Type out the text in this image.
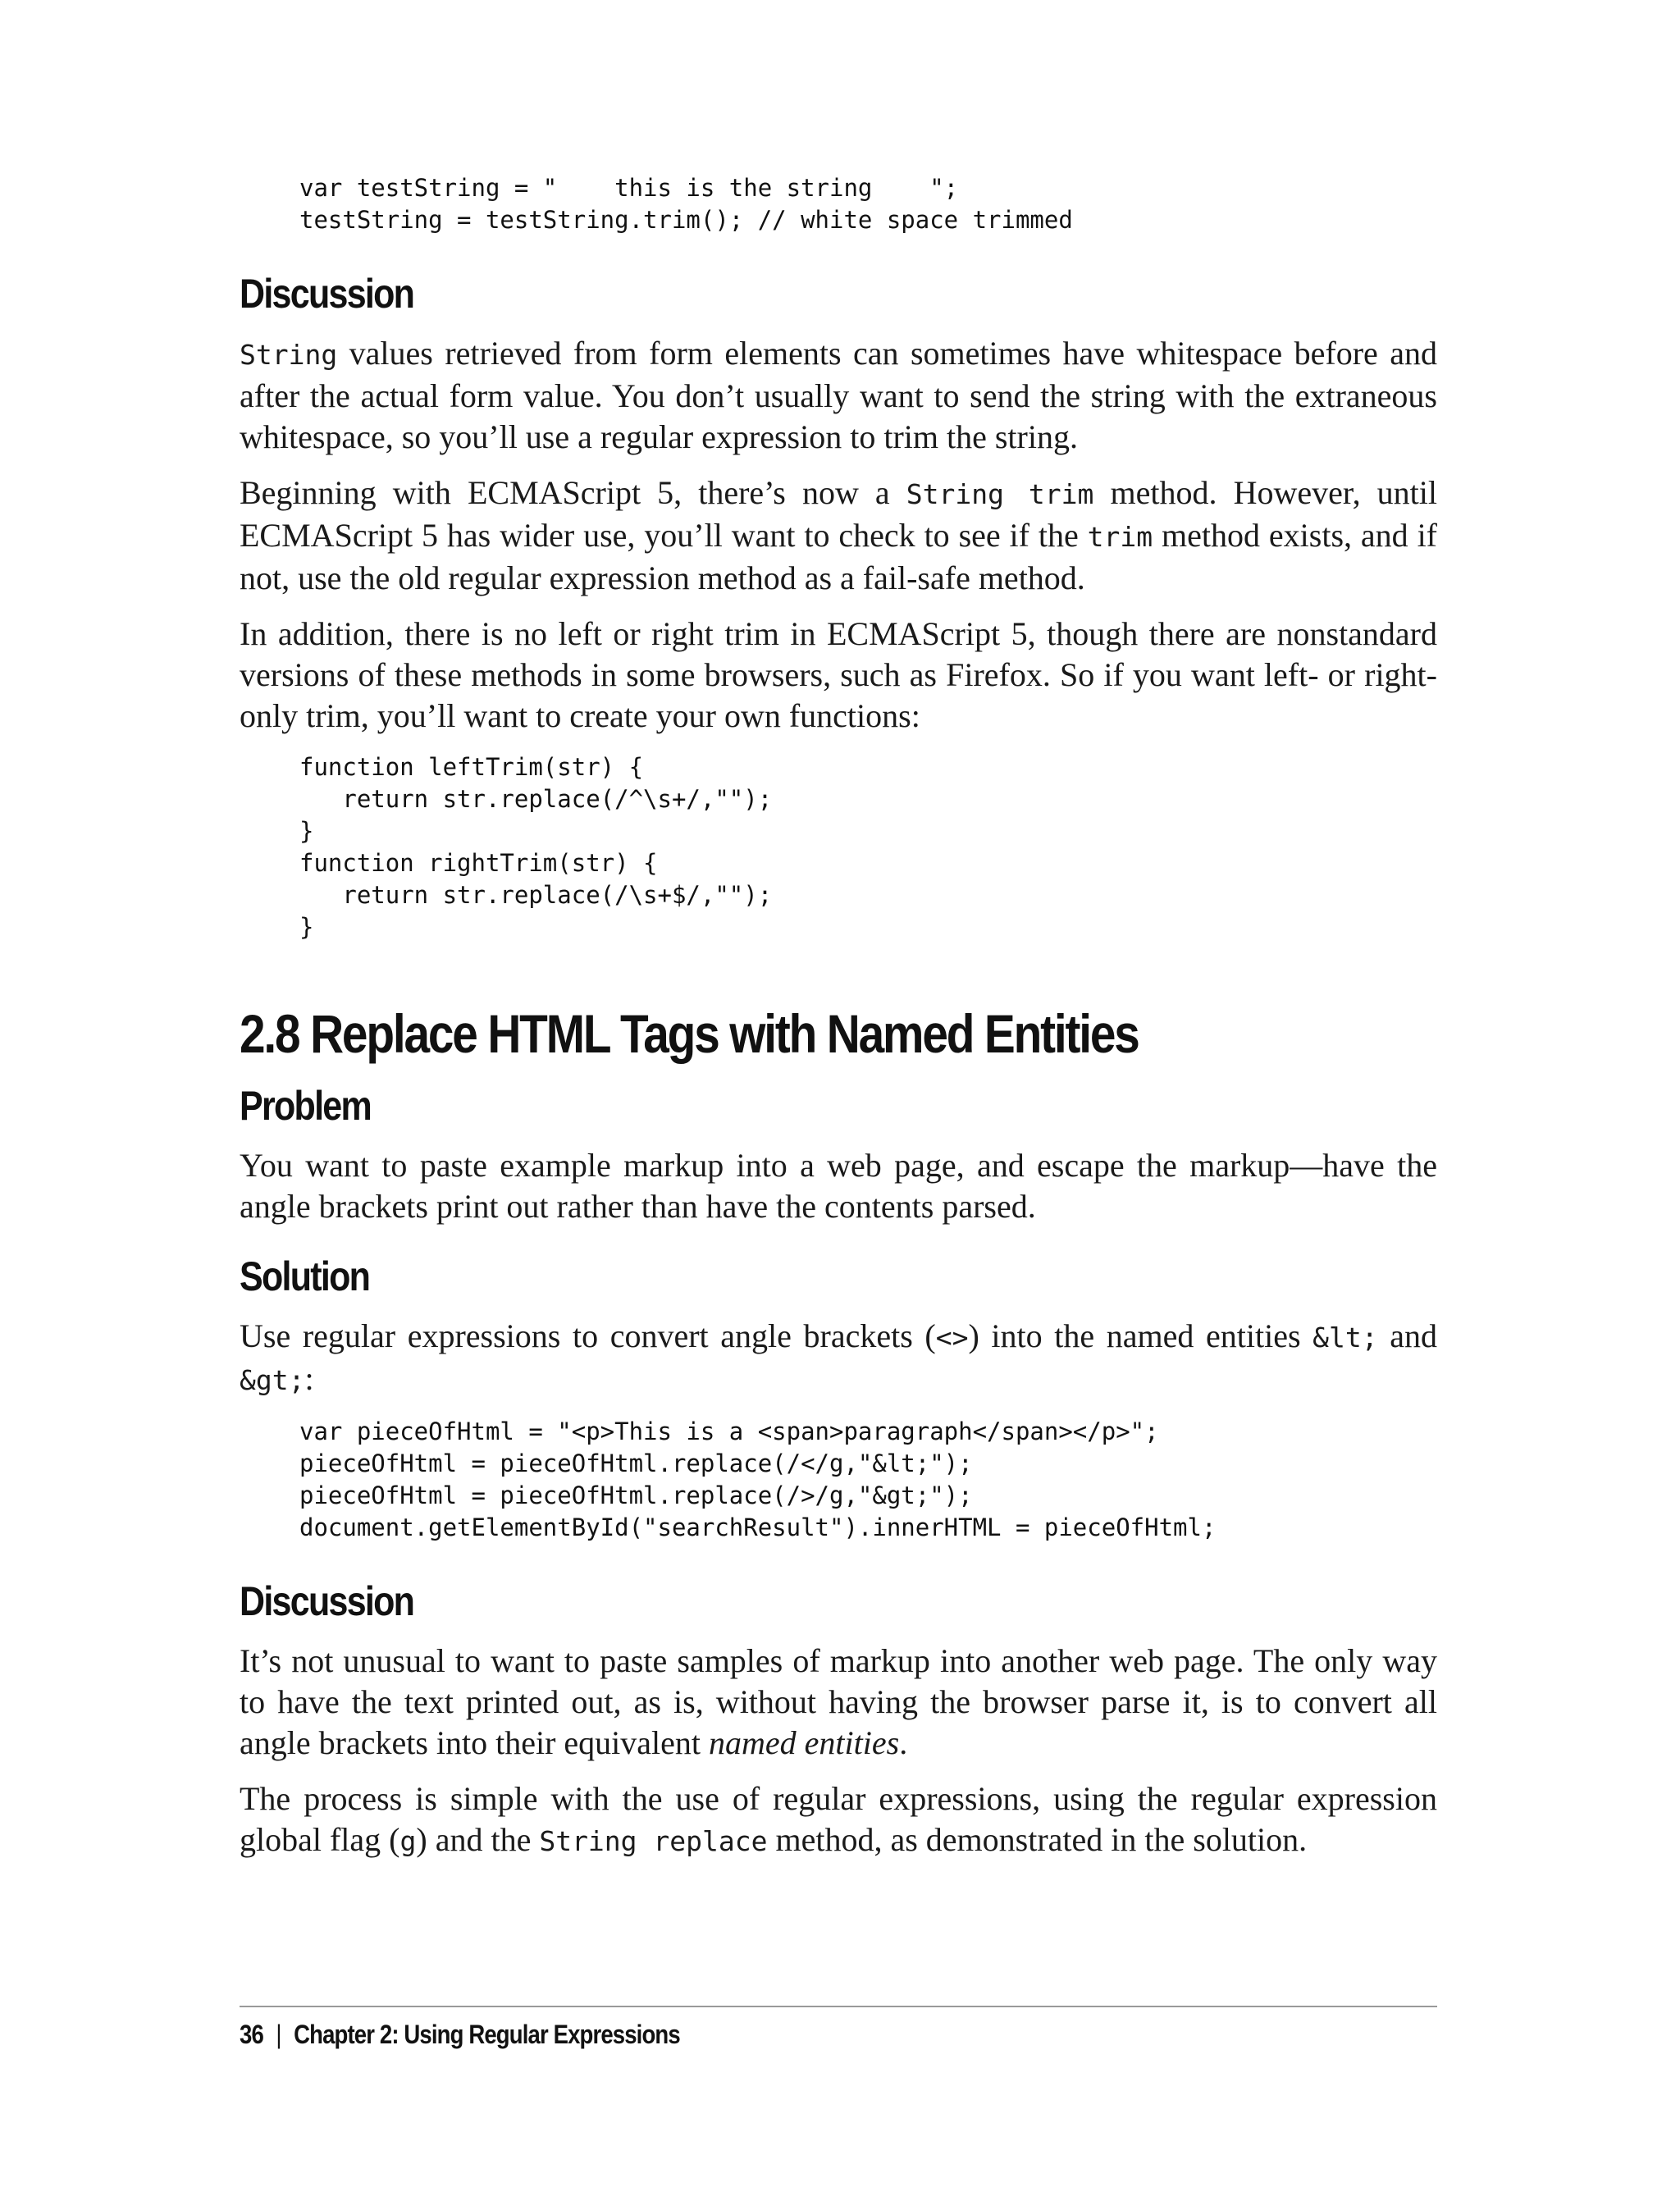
var testString = "    this is the string    ";
testString = testString.trim(); // white space trimmed
Discussion

String values retrieved from form elements can sometimes have whitespace before and after the actual form value. You don’t usually want to send the string with the extraneous whitespace, so you’ll use a regular expression to trim the string.

Beginning with ECMAScript 5, there’s now a String trim method. However, until ECMAScript 5 has wider use, you’ll want to check to see if the trim method exists, and if not, use the old regular expression method as a fail-safe method.

In addition, there is no left or right trim in ECMAScript 5, though there are nonstandard versions of these methods in some browsers, such as Firefox. So if you want left- or right-only trim, you’ll want to create your own functions:

function leftTrim(str) {
return str.replace(/^\s+/,"");
}
function rightTrim(str) {
return str.replace(/\s+$/,"");
}
2.8 Replace HTML Tags with Named Entities
Problem

You want to paste example markup into a web page, and escape the markup—have the angle brackets print out rather than have the contents parsed.

Solution

Use regular expressions to convert angle brackets (<>) into the named entities &lt; and &gt;:

var pieceOfHtml = "<p>This is a <span>paragraph</span></p>";
pieceOfHtml = pieceOfHtml.replace(/</g,"&lt;");
pieceOfHtml = pieceOfHtml.replace(/>/g,"&gt;");
document.getElementById("searchResult").innerHTML = pieceOfHtml;
Discussion

It’s not unusual to want to paste samples of markup into another web page. The only way to have the text printed out, as is, without having the browser parse it, is to convert all angle brackets into their equivalent named entities.

The process is simple with the use of regular expressions, using the regular expression global flag (g) and the String replace method, as demonstrated in the solution.

36 | Chapter 2: Using Regular Expressions
